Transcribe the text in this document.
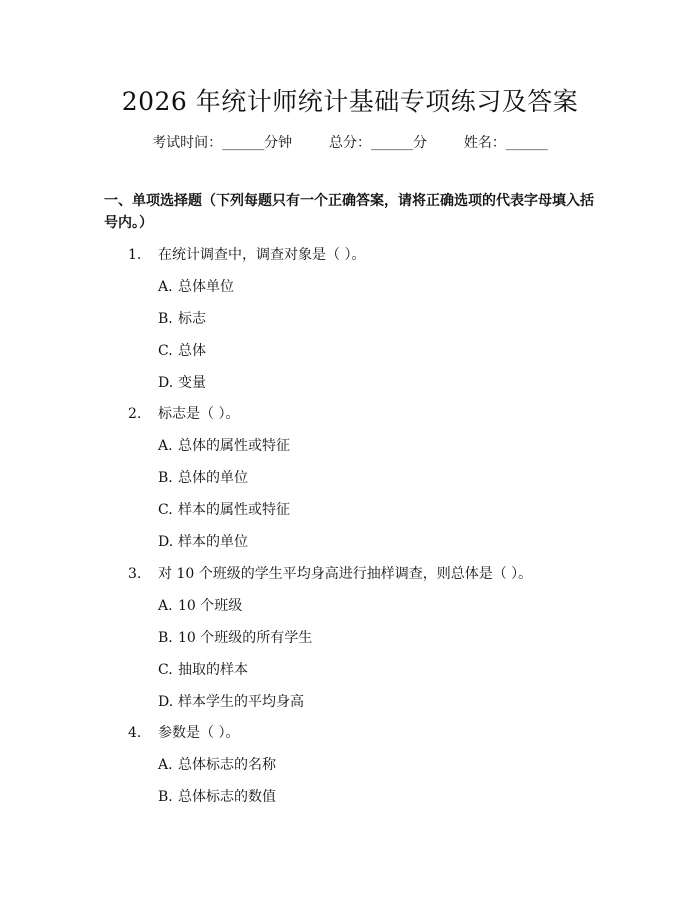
2026 年统计师统计基础专项练习及答案
考试时间：______分钟	总分：______分	姓名：______
一、单项选择题（下列每题只有一个正确答案，请将正确选项的代表字母填入括号内。）
1. 在统计调查中，调查对象是（ ）。
A. 总体单位
B. 标志
C. 总体
D. 变量
2. 标志是（ ）。
A. 总体的属性或特征
B. 总体的单位
C. 样本的属性或特征
D. 样本的单位
3. 对 10 个班级的学生平均身高进行抽样调查，则总体是（ ）。
A. 10 个班级
B. 10 个班级的所有学生
C. 抽取的样本
D. 样本学生的平均身高
4. 参数是（ ）。
A. 总体标志的名称
B. 总体标志的数值
